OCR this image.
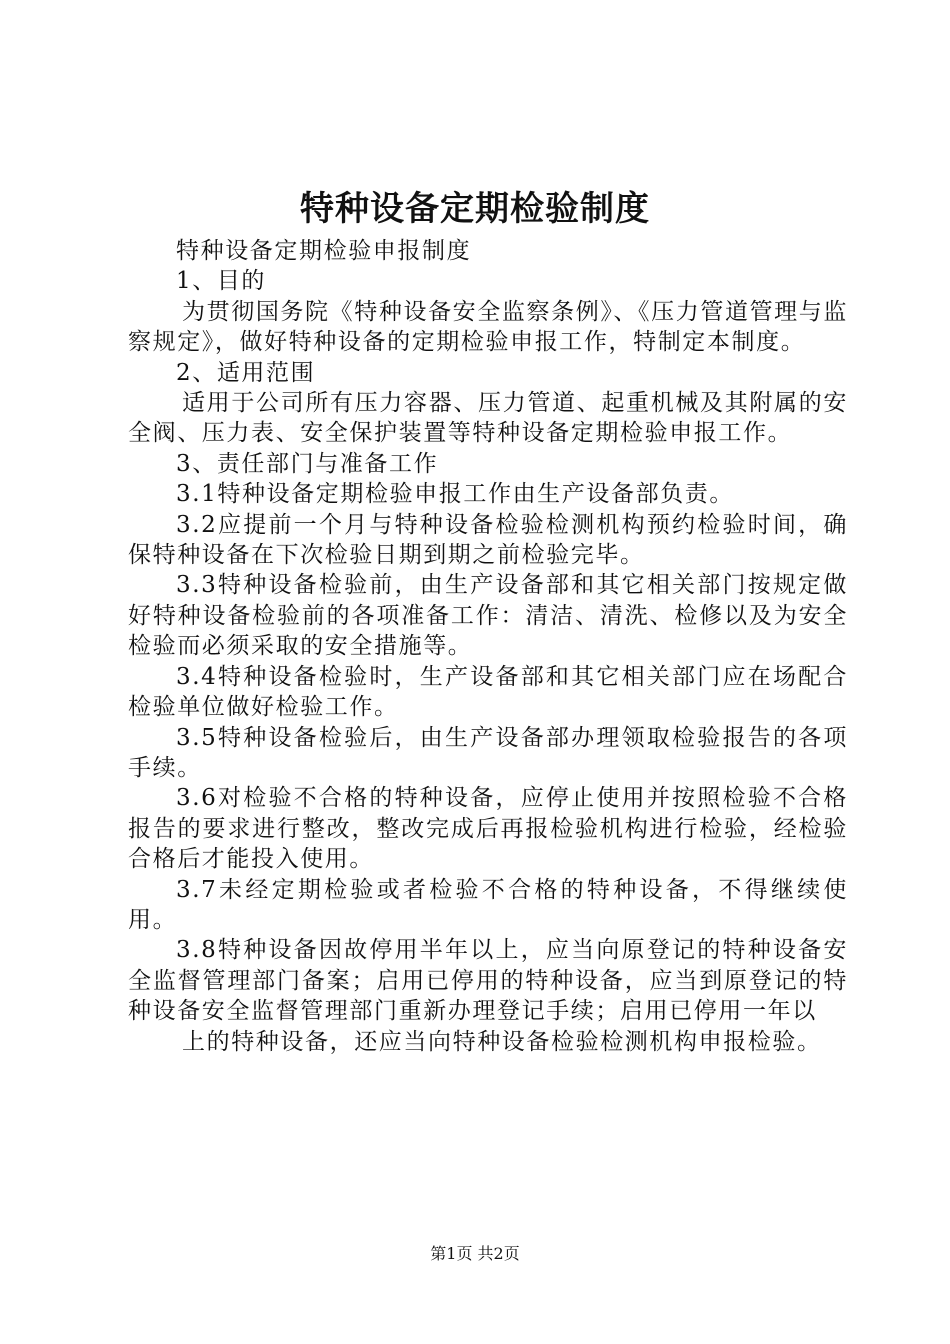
特种设备定期检验制度

特种设备定期检验申报制度

1、目的

为贯彻国务院《特种设备安全监察条例》、《压力管道管理与监察规定》，做好特种设备的定期检验申报工作，特制定本制度。

2、适用范围

适用于公司所有压力容器、压力管道、起重机械及其附属的安全阀、压力表、安全保护装置等特种设备定期检验申报工作。

3、责任部门与准备工作

3.1特种设备定期检验申报工作由生产设备部负责。

3.2应提前一个月与特种设备检验检测机构预约检验时间，确保特种设备在下次检验日期到期之前检验完毕。

3.3特种设备检验前，由生产设备部和其它相关部门按规定做好特种设备检验前的各项准备工作：清洁、清洗、检修以及为安全检验而必须采取的安全措施等。

3.4特种设备检验时，生产设备部和其它相关部门应在场配合检验单位做好检验工作。

3.5特种设备检验后，由生产设备部办理领取检验报告的各项手续。

3.6对检验不合格的特种设备，应停止使用并按照检验不合格报告的要求进行整改，整改完成后再报检验机构进行检验，经检验合格后才能投入使用。

3.7未经定期检验或者检验不合格的特种设备，不得继续使用。

3.8特种设备因故停用半年以上，应当向原登记的特种设备安全监督管理部门备案；启用已停用的特种设备，应当到原登记的特种设备安全监督管理部门重新办理登记手续；启用已停用一年以

上的特种设备，还应当向特种设备检验检测机构申报检验。

第1页 共2页
